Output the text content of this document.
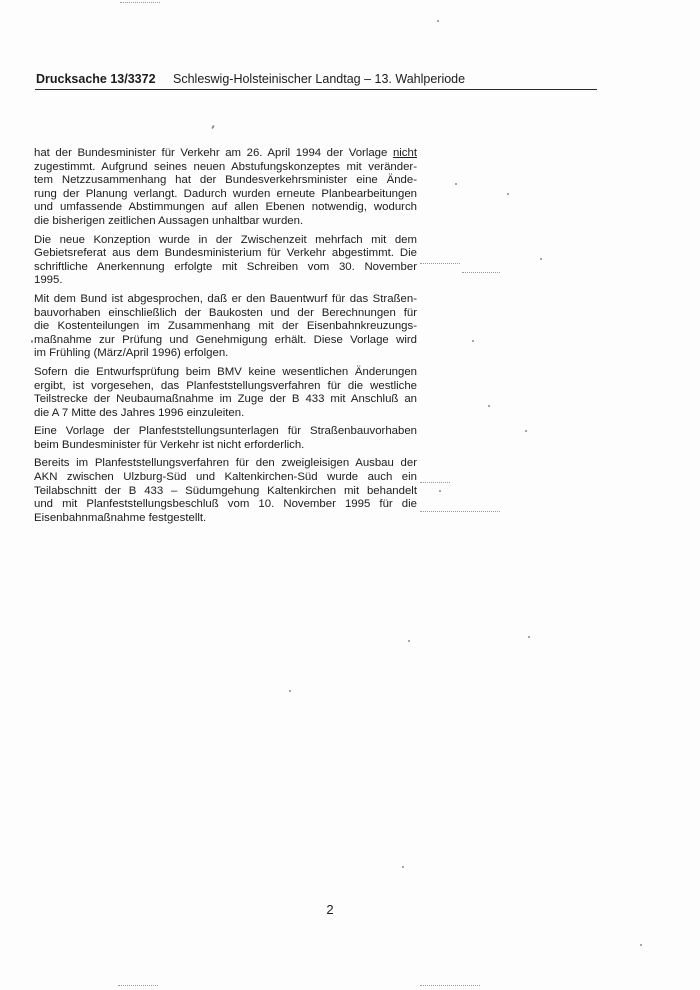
Drucksache 13/3372 Schleswig-Holsteinischer Landtag – 13. Wahlperiode
hat der Bundesminister für Verkehr am 26. April 1994 der Vorlage nicht
zugestimmt. Aufgrund seines neuen Abstufungskonzeptes mit veränder-
tem Netzzusammenhang hat der Bundesverkehrsminister eine Ände-
rung der Planung verlangt. Dadurch wurden erneute Planbearbeitungen
und umfassende Abstimmungen auf allen Ebenen notwendig, wodurch
die bisherigen zeitlichen Aussagen unhaltbar wurden.
Die neue Konzeption wurde in der Zwischenzeit mehrfach mit dem
Gebietsreferat aus dem Bundesministerium für Verkehr abgestimmt. Die
schriftliche Anerkennung erfolgte mit Schreiben vom 30. November
1995.
Mit dem Bund ist abgesprochen, daß er den Bauentwurf für das Straßen-
bauvorhaben einschließlich der Baukosten und der Berechnungen für
die Kostenteilungen im Zusammenhang mit der Eisenbahnkreuzungs-
maßnahme zur Prüfung und Genehmigung erhält. Diese Vorlage wird
im Frühling (März/April 1996) erfolgen.
Sofern die Entwurfsprüfung beim BMV keine wesentlichen Änderungen
ergibt, ist vorgesehen, das Planfeststellungsverfahren für die westliche
Teilstrecke der Neubaumaßnahme im Zuge der B 433 mit Anschluß an
die A 7 Mitte des Jahres 1996 einzuleiten.
Eine Vorlage der Planfeststellungsunterlagen für Straßenbauvorhaben
beim Bundesminister für Verkehr ist nicht erforderlich.
Bereits im Planfeststellungsverfahren für den zweigleisigen Ausbau der
AKN zwischen Ulzburg-Süd und Kaltenkirchen-Süd wurde auch ein
Teilabschnitt der B 433 – Südumgehung Kaltenkirchen mit behandelt
und mit Planfeststellungsbeschluß vom 10. November 1995 für die
Eisenbahnmaßnahme festgestellt.
2
